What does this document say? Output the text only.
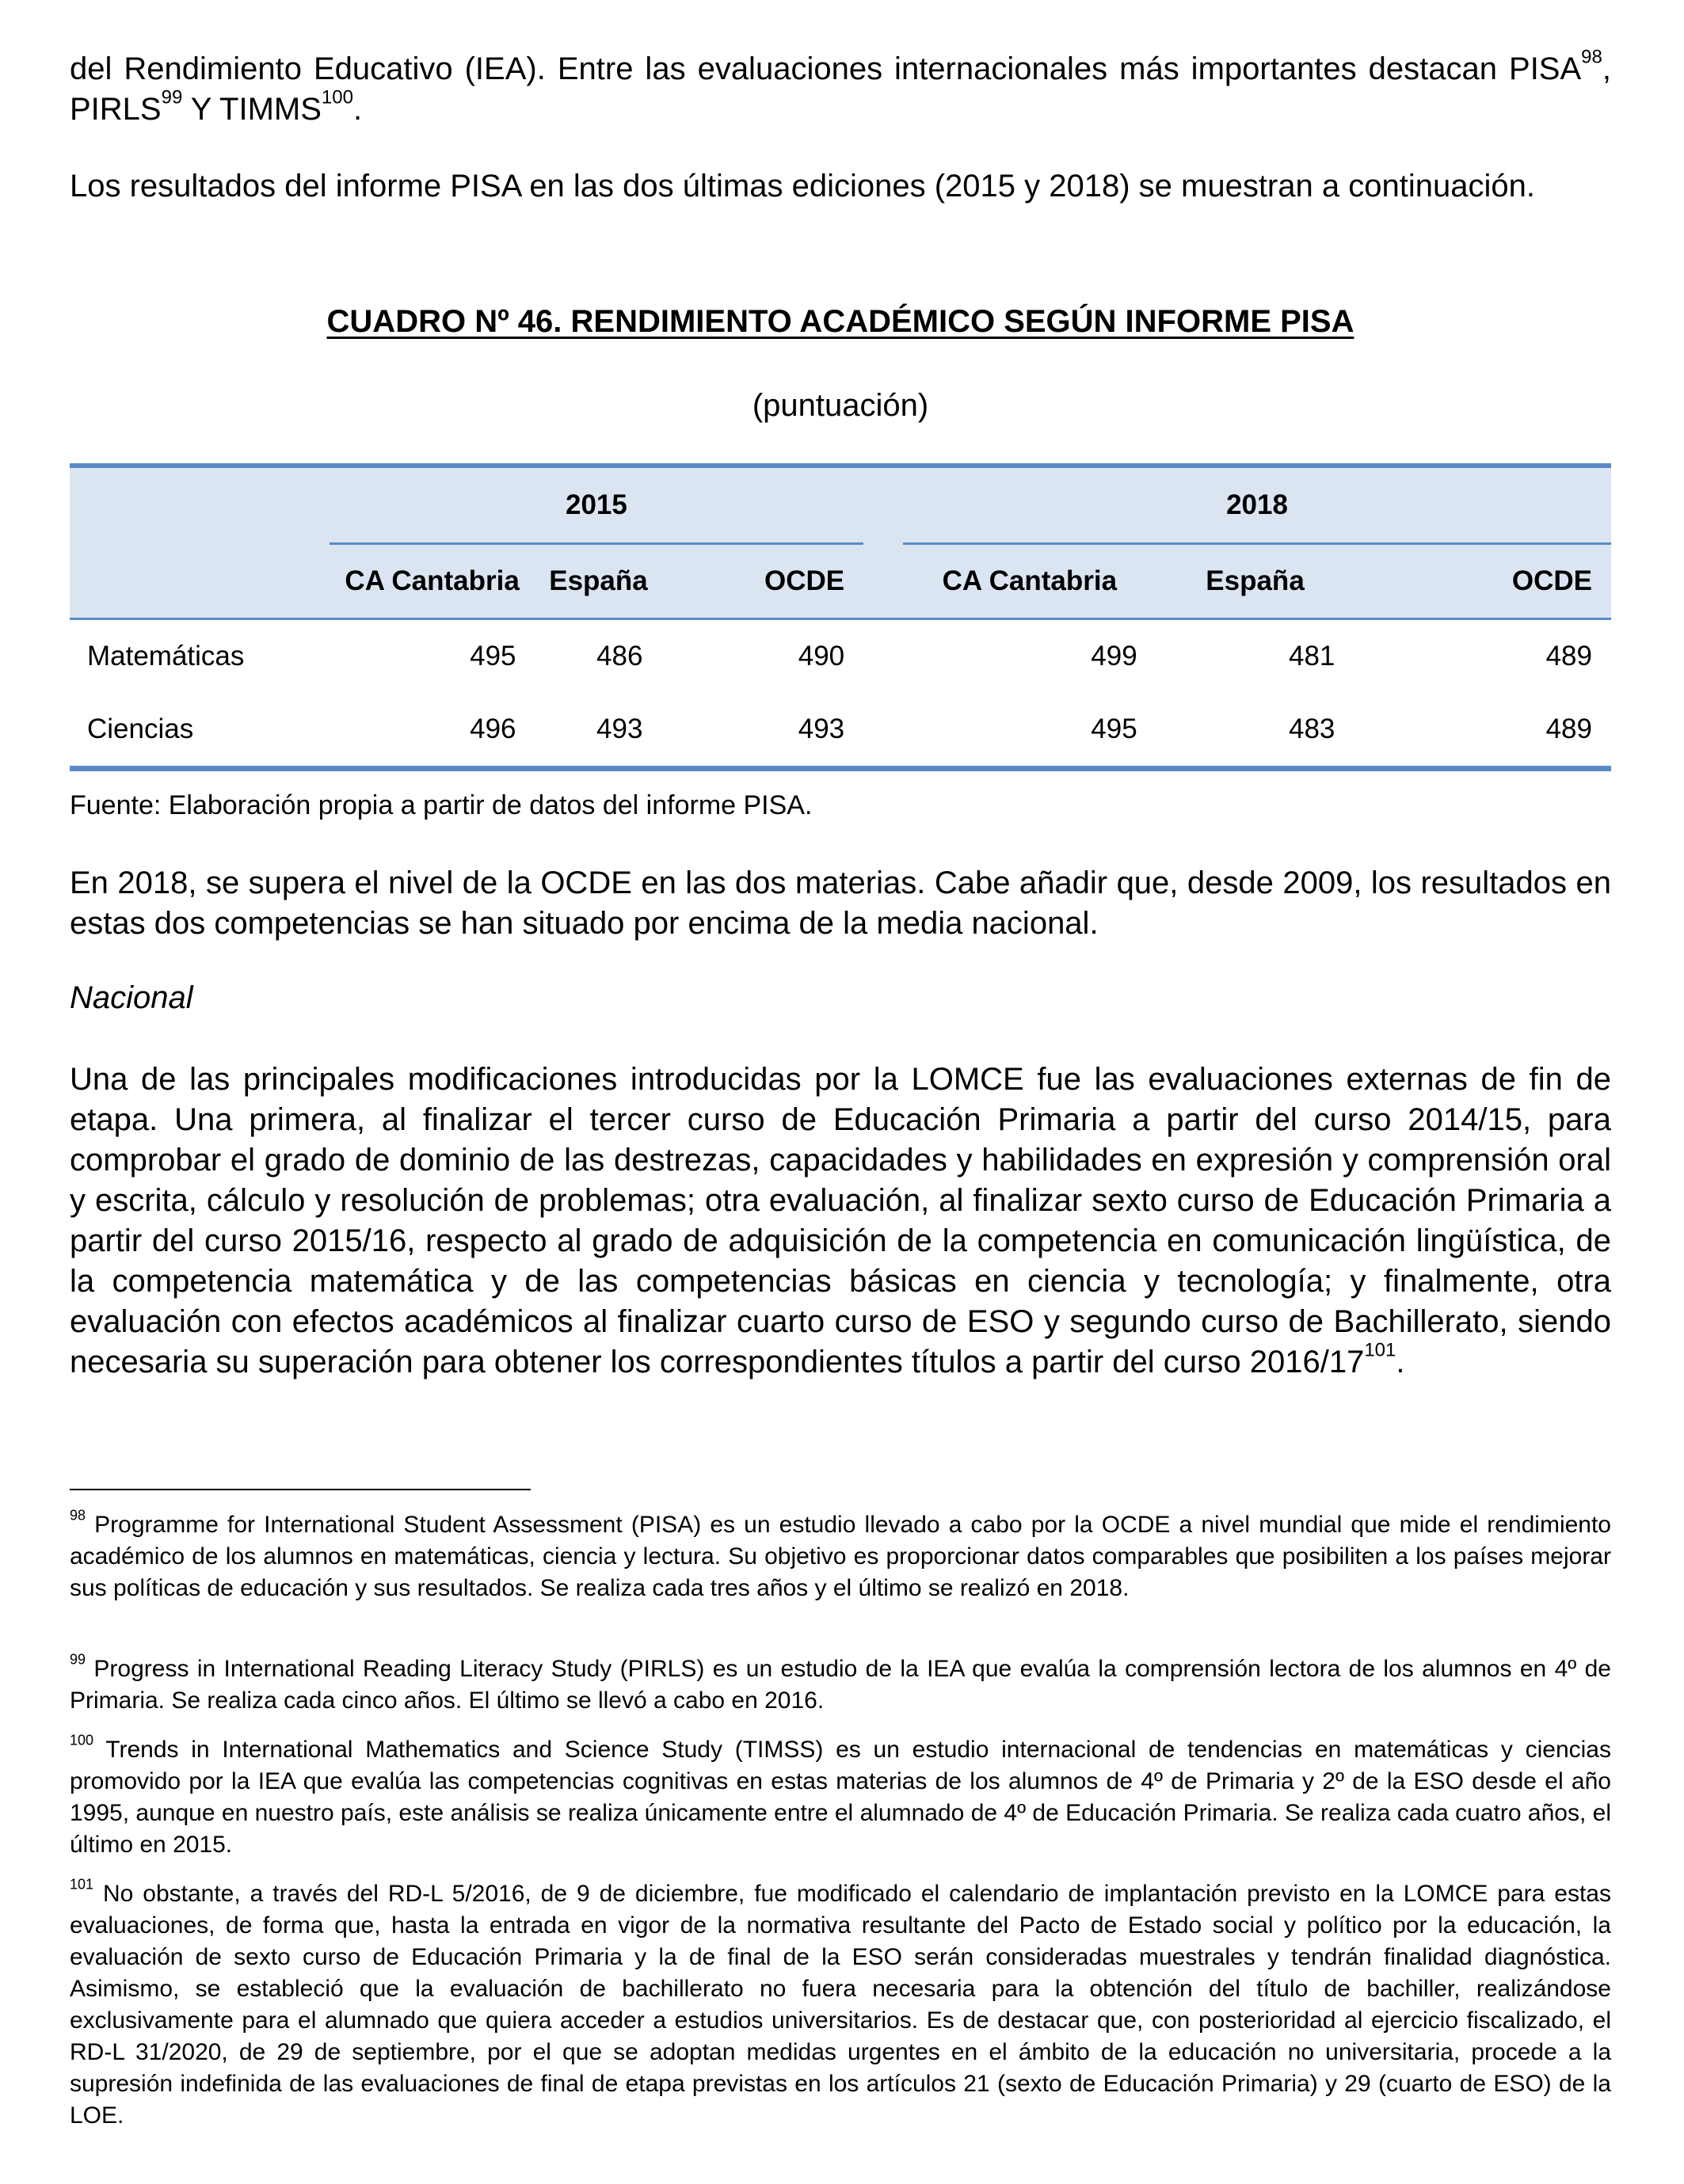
del Rendimiento Educativo (IEA). Entre las evaluaciones internacionales más importantes destacan PISA$^{98}$, PIRLS$^{99}$ Y TIMMS$^{100}$.

Los resultados del informe PISA en las dos últimas ediciones (2015 y 2018) se muestran a continuación.

CUADRO Nº 46. RENDIMIENTO ACADÉMICO SEGÚN INFORME PISA
(puntuación)
	2015				2018		
	CA Cantabria	España	OCDE		CA Cantabria	España	OCDE
Matemáticas	495	486	490		499	481	489
Ciencias	496	493	493		495	483	489
Fuente: Elaboración propia a partir de datos del informe PISA.

En 2018, se supera el nivel de la OCDE en las dos materias. Cabe añadir que, desde 2009, los resultados en estas dos competencias se han situado por encima de la media nacional.

Nacional

Una de las principales modificaciones introducidas por la LOMCE fue las evaluaciones externas de fin de etapa. Una primera, al finalizar el tercer curso de Educación Primaria a partir del curso 2014/15, para comprobar el grado de dominio de las destrezas, capacidades y habilidades en expresión y comprensión oral y escrita, cálculo y resolución de problemas; otra evaluación, al finalizar sexto curso de Educación Primaria a partir del curso 2015/16, respecto al grado de adquisición de la competencia en comunicación lingüística, de la competencia matemática y de las competencias básicas en ciencia y tecnología; y finalmente, otra evaluación con efectos académicos al finalizar cuarto curso de ESO y segundo curso de Bachillerato, siendo necesaria su superación para obtener los correspondientes títulos a partir del curso $2016/17^{101}$.

$^{98}$ Programme for International Student Assessment (PISA) es un estudio llevado a cabo por la OCDE a nivel mundial que mide el rendimiento académico de los alumnos en matemáticas, ciencia y lectura. Su objetivo es proporcionar datos comparables que posibiliten a los países mejorar sus políticas de educación y sus resultados. Se realiza cada tres años y el último se realizó en 2018.

$^{99}$ Progress in International Reading Literacy Study (PIRLS) es un estudio de la IEA que evalúa la comprensión lectora de los alumnos en 4º de Primaria. Se realiza cada cinco años. El último se llevó a cabo en 2016.

$^{100}$ Trends in International Mathematics and Science Study (TIMSS) es un estudio internacional de tendencias en matemáticas y ciencias promovido por la IEA que evalúa las competencias cognitivas en estas materias de los alumnos de 4º de Primaria y 2º de la ESO desde el año 1995, aunque en nuestro país, este análisis se realiza únicamente entre el alumnado de 4º de Educación Primaria. Se realiza cada cuatro años, el último en 2015.

$^{101}$ No obstante, a través del RD-L 5/2016, de 9 de diciembre, fue modificado el calendario de implantación previsto en la LOMCE para estas evaluaciones, de forma que, hasta la entrada en vigor de la normativa resultante del Pacto de Estado social y político por la educación, la evaluación de sexto curso de Educación Primaria y la de final de la ESO serán consideradas muestrales y tendrán finalidad diagnóstica. Asimismo, se estableció que la evaluación de bachillerato no fuera necesaria para la obtención del título de bachiller, realizándose exclusivamente para el alumnado que quiera acceder a estudios universitarios. Es de destacar que, con posterioridad al ejercicio fiscalizado, el RD-L 31/2020, de 29 de septiembre, por el que se adoptan medidas urgentes en el ámbito de la educación no universitaria, procede a la supresión indefinida de las evaluaciones de final de etapa previstas en los artículos 21 (sexto de Educación Primaria) y 29 (cuarto de ESO) de la LOE.
